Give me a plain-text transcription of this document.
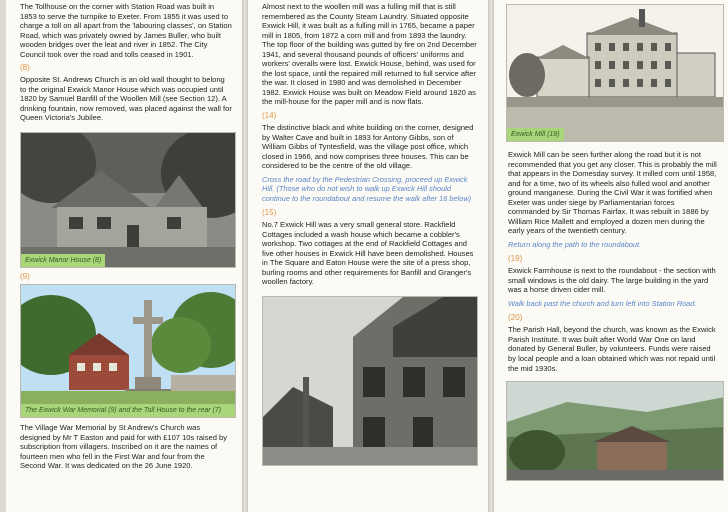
The Tollhouse on the corner with Station Road was built in 1853 to serve the turnpike to Exeter. From 1855 it was used to charge a toll on all apart from the 'labouring classes', on Station Road, which was privately owned by James Buller, who built wooden bridges over the leat and river in 1852. The City Council took over the road and tolls ceased in 1901.

(8)

Opposite St. Andrews Church is an old wall thought to belong to the original Exwick Manor House which was occupied until 1820 by Samuel Banfill of the Woollen Mill (see Section 12). A drinking fountain, now removed, was placed against the wall for Queen Victoria's Jubilee.

Exwick Manor House (8)
(9)
The Exwick War Memorial (9) and the Toll House to the rear (7)

The Village War Memorial by St Andrew's Church was designed by Mr T Easton and paid for with £107 10s raised by subscription from villagers. Inscribed on it are the names of fourteen men who fell in the First War and four from the Second War. It was dedicated on the 26 June 1920.

Almost next to the woollen mill was a fulling mill that is still remembered as the County Steam Laundry. Situated opposite Exwick Hill, it was built as a fulling mill in 1765, became a paper mill in 1805, from 1872 a corn mill and from 1893 the laundry. The top floor of the building was gutted by fire on 2nd December 1941, and several thousand pounds of officers' uniforms and workers' overalls were lost. Exwick House, behind, was used for the lost space, until the repaired mill returned to full service after the war. It closed in 1980 and was demolished in December 1982. Exwick House was built on Meadow Field around 1820 as the mill-house for the paper mill and is now flats.

(14)

The distinctive black and white building on the corner, designed by Walter Cave and built in 1893 for Antony Gibbs, son of William Gibbs of Tyntesfield, was the village post office, which closed in 1966, and now comprises three houses. This can be considered to be the centre of the old village.

Cross the road by the Pedestrian Crossing, proceed up Exwick Hill. (Those who do not wish to walk up Exwick Hill should continue to the roundabout and resume the walk after 16 below)

(15)

No.7 Exwick Hill was a very small general store. Rackfield Cottages included a wash house which became a cobbler's workshop. Two cottages at the end of Rackfield Cottages and five other houses in Exwick Hill have been demolished. Houses in The Square and Eaton House were the site of a press shop, burling rooms and other requirements for Banfill and Granger's woollen factory.

Exwick Mill (18)

Exwick Mill can be seen further along the road but it is not recommended that you get any closer. This is probably the mill that appears in the Domesday survey. It milled corn until 1958, and for a time, two of its wheels also fulled wool and another ground manganese. During the Civil War it was fortified when Exeter was under siege by Parliamentarian forces commanded by Sir Thomas Fairfax. It was rebuilt in 1886 by William Rice Mallett and employed a dozen men during the early years of the twentieth century.

Return along the path to the roundabout.

(19)

Exwick Farmhouse is next to the roundabout - the section with small windows is the old dairy. The large building in the yard was a horse driven cider mill.

Walk back past the church and turn left into Station Road.

(20)

The Parish Hall, beyond the church, was known as the Exwick Parish Institute. It was built after World War One on land donated by General Buller, by volunteers. Funds were raised by local people and a loan obtained which was not repaid until the mid 1930s.
